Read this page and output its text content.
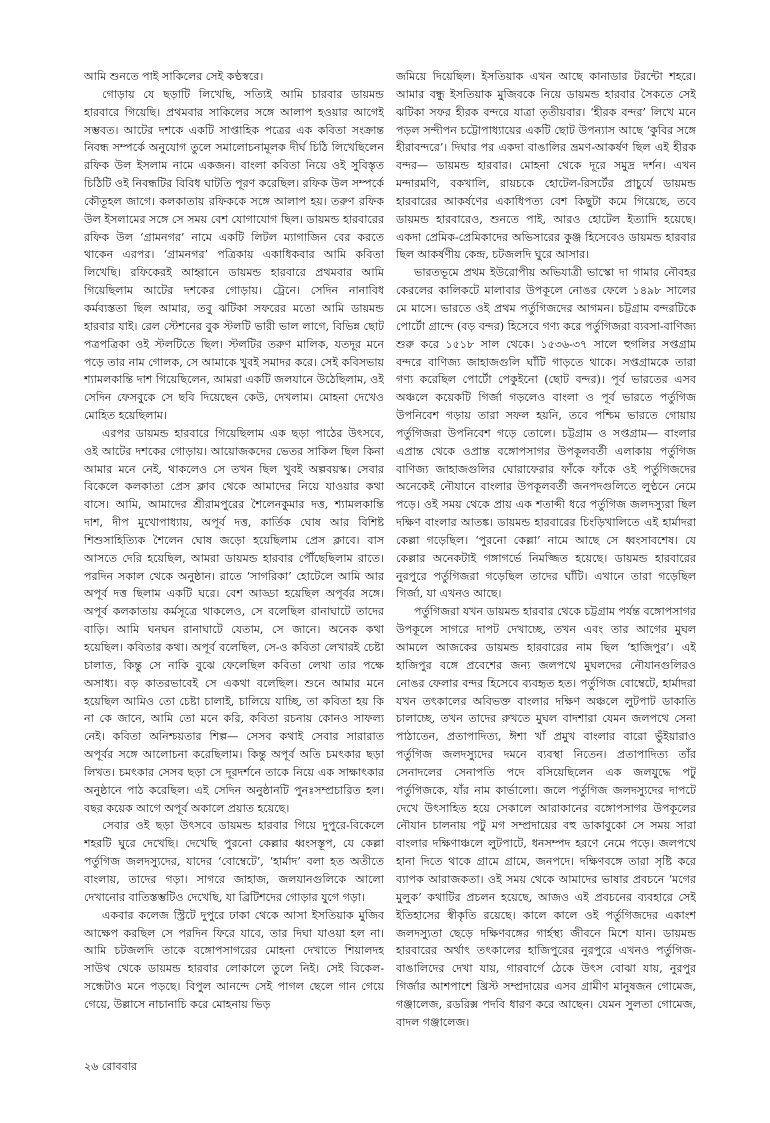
আমি শুনতে পাই সাকিলের সেই কণ্ঠস্বরে।

গোড়ায় যে ছড়াটি লিখেছি, সত্যিই আমি চারবার ডায়মন্ড হারবারে গিয়েছি। প্রথমবার সাকিলের সঙ্গে আলাপ হওয়ার আগেই সম্ভবত। আটের দশকে একটি সাপ্তাহিক পত্রের এক কবিতা সংক্রান্ত নিবন্ধ সম্পর্কে অনুযোগ তুলে সমালোচনামূলক দীর্ঘ চিঠি লিখেছিলেন রফিক উল ইসলাম নামে একজন। বাংলা কবিতা নিয়ে ওই সুবিস্তৃত চিঠিটি ওই নিবন্ধটির বিবিধ ঘাটতি পূরণ করেছিল। রফিক উল সম্পর্কে কৌতূহল জাগে। কলকাতায় রফিককে সঙ্গে আলাপ হয়। তরুণ রফিক উল ইসলামের সঙ্গে সে সময় বেশ যোগাযোগ ছিল। ডায়মন্ড হারবারের রফিক উল ‘গ্রামনগর’ নামে একটি লিটল ম্যাগাজিন বের করতে থাকেন এরপর। ‘গ্রামনগর’ পত্রিকায় একাধিকবার আমি কবিতা লিখেছি। রফিকেরই আহ্বানে ডায়মন্ড হারবারে প্রথমবার আমি গিয়েছিলাম আটের দশকের গোড়ায়। ট্রেনে। সেদিন নানাবিধ কর্মব্যস্ততা ছিল আমার, তবু ঝটিকা সফরের মতো আমি ডায়মন্ড হারবার যাই। রেল স্টেশনের বুক স্টলটি ভারী ভাল লাগে, বিভিন্ন ছোট পত্রপত্রিকা ওই স্টলটিতে ছিল। স্টলটির তরুণ মালিক, যতদূর মনে পড়ে তার নাম গোলক, সে আমাকে খুবই সমাদর করে। সেই কবিসভায় শ্যামলকান্তি দাশ গিয়েছিলেন, আমরা একটি জলযানে উঠেছিলাম, ওই সেদিন ফেসবুকে সে ছবি দিয়েছেন কেউ, দেখলাম। মোহনা দেখেও মোহিত হয়েছিলাম।

এরপর ডায়মন্ড হারবারে গিয়েছিলাম এক ছড়া পাঠের উৎসবে, ওই আটের দশকের গোড়ায়। আয়োজকদের ভেতর সাকিল ছিল কিনা আমার মনে নেই, থাকলেও সে তখন ছিল খুবই অল্পবয়স্ক। সেবার বিকেলে কলকাতা প্রেস ক্লাব থেকে আমাদের নিয়ে যাওয়ার কথা বাসে। আমি, আমাদের শ্রীরামপুরের শৈলেনকুমার দত্ত, শ্যামলকান্তি দাশ, দীপ মুখোপাধ্যায়, অপূর্ব দত্ত, কার্তিক ঘোষ আর বিশিষ্ট শিশুসাহিত্যিক শৈলেন ঘোষ জড়ো হয়েছিলাম প্রেস ক্লাবে। বাস আসতে দেরি হয়েছিল, আমরা ডায়মন্ড হারবার পৌঁছেছিলাম রাতে। পরদিন সকাল থেকে অনুষ্ঠান। রাতে ‘সাগরিকা’ হোটেলে আমি আর অপূর্ব দত্ত ছিলাম একটি ঘরে। বেশ আড্ডা হয়েছিল অপূর্বর সঙ্গে। অপূর্ব কলকাতায় কর্মসূত্রে থাকলেও, সে বলেছিল রানাঘাটে তাদের বাড়ি। আমি ঘনঘন রানাঘাটে যেতাম, সে জানে। অনেক কথা হয়েছিল। কবিতার কথা। অপূর্ব বলেছিল, সে-ও কবিতা লেখারই চেষ্টা চালাত, কিন্তু সে নাকি বুঝে ফেলেছিল কবিতা লেখা তার পক্ষে অসাধ্য। বড় কাতরভাবেই সে একথা বলেছিল। শুনে আমার মনে হয়েছিল আমিও তো চেষ্টা চালাই, চালিয়ে যাচ্ছি, তা কবিতা হয় কি না কে জানে, আমি তো মনে করি, কবিতা রচনায় কোনও সাফল্য নেই। কবিতা অনিশ্চয়তার শিল্প— সেসব কথাই সেবার সারারাত অপূর্বর সঙ্গে আলোচনা করেছিলাম। কিন্তু অপূর্ব অতি চমৎকার ছড়া লিখত। চমৎকার সেসব ছড়া সে দূরদর্শনে তাকে নিয়ে এক সাক্ষাৎকার অনুষ্ঠানে পাঠ করেছিল। এই সেদিন অনুষ্ঠানটি পুনঃসম্প্রচারিত হল। বছর কয়েক আগে অপূর্ব অকালে প্রয়াত হয়েছে।

সেবার ওই ছড়া উৎসবে ডায়মন্ড হারবার গিয়ে দুপুরে-বিকেলে শহরটি ঘুরে দেখেছি। দেখেছি পুরনো কেল্লার ধ্বংসস্তূপ, যে কেল্লা পর্তুগিজ জলদস্যুদের, যাদের ‘বোম্বেটে’, ‘হার্মাদ’ বলা হত অতীতে বাংলায়, তাদের গড়া। সাগরে জাহাজ, জলযানগুলিকে আলো দেখানোর বাতিস্তম্ভটিও দেখেছি, যা ব্রিটিশদের গোড়ার যুগে গড়া।

একবার কলেজ স্ট্রিটে দুপুরে ঢাকা থেকে আসা ইসতিয়াক মুজিব আক্ষেপ করছিল সে পরদিন ফিরে যাবে, তার দিঘা যাওয়া হল না। আমি চটজলদি তাকে বঙ্গোপসাগরের মোহনা দেখাতে শিয়ালদহ সাউথ থেকে ডায়মন্ড হারবার লোকালে তুলে নিই। সেই বিকেল-সন্ধেটাও মনে পড়ছে। বিপুল আনন্দে সেই পাগল ছেলে গান গেয়ে গেয়ে, উল্লাসে নাচানাচি করে মোহনায় ভিড়

জমিয়ে দিয়েছিল। ইসতিয়াক এখন আছে কানাডার টরন্টো শহরে। আমার বন্ধু ইসতিয়াক মুজিবকে নিয়ে ডায়মন্ড হারবার সৈকতে সেই ঝটিকা সফর হীরক বন্দরে যাত্রা তৃতীয়বার। ‘হীরক বন্দর’ লিখে মনে পড়ল সন্দীপন চট্টোপাধ্যায়ের একটি ছোট উপন্যাস আছে ‘কুবির সঙ্গে হীরাবন্দরে’। দিঘার পর একদা বাঙালির ভ্রমণ-আকর্ষণ ছিল এই হীরক বন্দর— ডায়মন্ড হারবার। মোহনা থেকে দূরে সমুদ্র দর্শন। এখন মন্দারমণি, বকখালি, রায়চকে হোটেল-রিসর্টের প্রাচুর্যে ডায়মন্ড হারবারের আকর্ষণের একাধিপত্য বেশ কিছুটা কমে গিয়েছে, তবে ডায়মন্ড হারবারেও, শুনতে পাই, আরও হোটেল ইত্যাদি হয়েছে। একদা প্রেমিক-প্রেমিকাদের অভিসারের কুঞ্জ হিসেবেও ডায়মন্ড হারবার ছিল আকর্ষণীয় কেন্দ্র, চটজলদি ঘুরে আসার।

ভারতভূমে প্রথম ইউরোপীয় অভিযাত্রী ভাস্কো দা গামার নৌবহর কেরলের কালিকটে মালাবার উপকূলে নোঙর ফেলে ১৪৯৮ সালের মে মাসে। ভারতে ওই প্রথম পর্তুগিজদের আগমন। চট্টগ্রাম বন্দরটিকে পোর্টো গ্রান্দে (বড় বন্দর) হিসেবে গণ্য করে পর্তুগিজরা ব্যবসা-বাণিজ্য শুরু করে ১৫১৮ সাল থেকে। ১৫৩৬-৩৭ সালে হুগলির সপ্তগ্রাম বন্দরে বাণিজ্য জাহাজগুলি ঘাঁটি গাড়তে থাকে। সপ্তগ্রামকে তারা গণ্য করেছিল পোর্টো পেকুইনো (ছোট বন্দর)। পূর্ব ভারতের এসব অঞ্চলে কয়েকটি গির্জা গড়লেও বাংলা ও পূর্ব ভারতে পর্তুগিজ উপনিবেশ গড়ায় তারা সফল হয়নি, তবে পশ্চিম ভারতে গোয়ায় পর্তুগিজরা উপনিবেশ গড়ে তোলে। চট্টগ্রাম ও সপ্তগ্রাম— বাংলার এপ্রান্ত থেকে ওপ্রান্ত বঙ্গোপসাগর উপকূলবর্তী এলাকায় পর্তুগিজ বাণিজ্য জাহাজগুলির ঘোরাফেরার ফাঁকে ফাঁকে ওই পর্তুগিজদের অনেকেই নৌযানে বাংলার উপকূলবর্তী জনপদগুলিতে লুণ্ঠনে নেমে পড়ে। ওই সময় থেকে প্রায় এক শতাব্দী ধরে পর্তুগিজ জলদস্যুরা ছিল দক্ষিণ বাংলার আতঙ্ক। ডায়মন্ড হারবারের চিংড়িখালিতে এই হার্মাদরা কেল্লা গড়েছিল। ‘পুরনো কেল্লা’ নামে আছে সে ধ্বংসাবশেষ। যে কেল্লার অনেকটাই গঙ্গাগর্ভে নিমজ্জিত হয়েছে। ডায়মন্ড হারবারের নুরপুরে পর্তুগিজরা গড়েছিল তাদের ঘাঁটি। এখানে তারা গড়েছিল গির্জা, যা এখনও আছে।

পর্তুগিজরা যখন ডায়মন্ড হারবার থেকে চট্টগ্রাম পর্যন্ত বঙ্গোপসাগর উপকূলে সাগরে দাপট দেখাচ্ছে, তখন এবং তার আগের মুঘল আমলে আজকের ডায়মন্ড হারবারের নাম ছিল ‘হাজিপুর’। এই হাজিপুর বঙ্গে প্রবেশের জন্য জলপথে মুঘলদের নৌযানগুলিরও নোঙর ফেলার বন্দর হিসেবে ব্যবহৃত হত। পর্তুগিজ বোম্বেটে, হার্মাদরা যখন তৎকালের অবিভক্ত বাংলার দক্ষিণ অঞ্চলে লুটপাট ডাকাতি চালাচ্ছে, তখন তাদের রুখতে মুঘল বাদশারা যেমন জলপথে সেনা পাঠাতেন, প্রতাপাদিত্য, ঈশা খাঁ প্রমুখ বাংলার বারো ভুঁইয়ারাও পর্তুগিজ জলদস্যুদের দমনে ব্যবস্থা নিতেন। প্রতাপাদিত্য তাঁর সেনাদলের সেনাপতি পদে বসিয়েছিলেন এক জলযুদ্ধে পটু পর্তুগিজকে, যাঁর নাম কার্ভালো। জলে পর্তুগিজ জলদস্যুদের দাপটে দেখে উৎসাহিত হয়ে সেকালে আরাকানের বঙ্গোপসাগর উপকূলের নৌযান চালনায় পটু মগ সম্প্রদায়ের বহু ডাকাবুকো সে সময় সারা বাংলার দক্ষিণাঞ্চলে লুটপাটে, ধনসম্পদ হরণে নেমে পড়ে। জলপথে হানা দিতে থাকে গ্রামে গ্রামে, জনপদে। দক্ষিণবঙ্গে তারা সৃষ্টি করে ব্যাপক আরাজকতা। ওই সময় থেকে আমাদের ভাষার প্রবচনে ‘মগের মুলুক’ কথাটির প্রচলন হয়েছে, আজও এই প্রবচনের ব্যবহারে সেই ইতিহাসের স্বীকৃতি রয়েছে। কালে কালে ওই পর্তুগিজদের একাংশ জলদস্যুতা ছেড়ে দক্ষিণবঙ্গের গার্হস্থ্য জীবনে মিশে যান। ডায়মন্ড হারবারের অর্থাৎ তৎকালের হাজিপুরের নুরপুরে এখনও পর্তুগিজ-বাঙালিদের দেখা যায়, গারবার্গে ঠেকে উৎস বোঝা যায়, নুরপুর গির্জার আশপাশে খ্রিস্ট সম্প্রদায়ের এসব গ্রামীণ মানুষজন গোমেজ, গঞ্জালেজ, রডরিক্স পদবি ধারণ করে আছেন। যেমন সুলতা গোমেজ, বাদল গঞ্জালেজ।

২৬ রোববার
